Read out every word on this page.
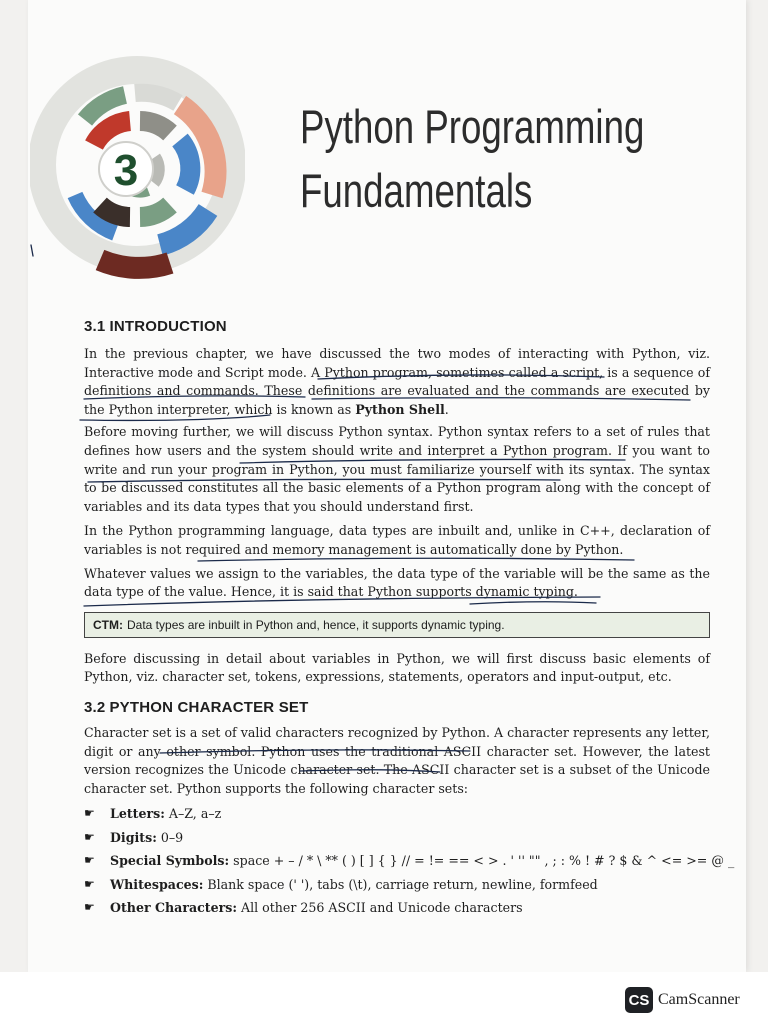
3
Python Programming
Fundamentals
3.1 INTRODUCTION

In the previous chapter, we have discussed the two modes of interacting with Python, viz. Interactive mode and Script mode. A Python program, sometimes called a script, is a sequence of definitions and commands. These definitions are evaluated and the commands are executed by the Python interpreter, which is known as Python Shell.

Before moving further, we will discuss Python syntax. Python syntax refers to a set of rules that defines how users and the system should write and interpret a Python program. If you want to write and run your program in Python, you must familiarize yourself with its syntax. The syntax to be discussed constitutes all the basic elements of a Python program along with the concept of variables and its data types that you should understand first.

In the Python programming language, data types are inbuilt and, unlike in C++, declaration of variables is not required and memory management is automatically done by Python.

Whatever values we assign to the variables, the data type of the variable will be the same as the data type of the value. Hence, it is said that Python supports dynamic typing.

CTM: Data types are inbuilt in Python and, hence, it supports dynamic typing.

Before discussing in detail about variables in Python, we will first discuss basic elements of Python, viz. character set, tokens, expressions, statements, operators and input-output, etc.

3.2 PYTHON CHARACTER SET

Character set is a set of valid characters recognized by Python. A character represents any letter, digit or any other symbol. Python uses the traditional ASCII character set. However, the latest version recognizes the Unicode character set. The ASCII character set is a subset of the Unicode character set. Python supports the following character sets:

☛ Letters: A–Z, a–z
☛ Digits: 0–9
☛ Special Symbols: space + – / * \ ** ( ) [ ] { } // = != == < > . ' '' "" , ; : % ! # ? $ & ^ <= >= @ _
☛ Whitespaces: Blank space (' '), tabs (\t), carriage return, newline, formfeed
☛ Other Characters: All other 256 ASCII and Unicode characters
CS CamScanner
